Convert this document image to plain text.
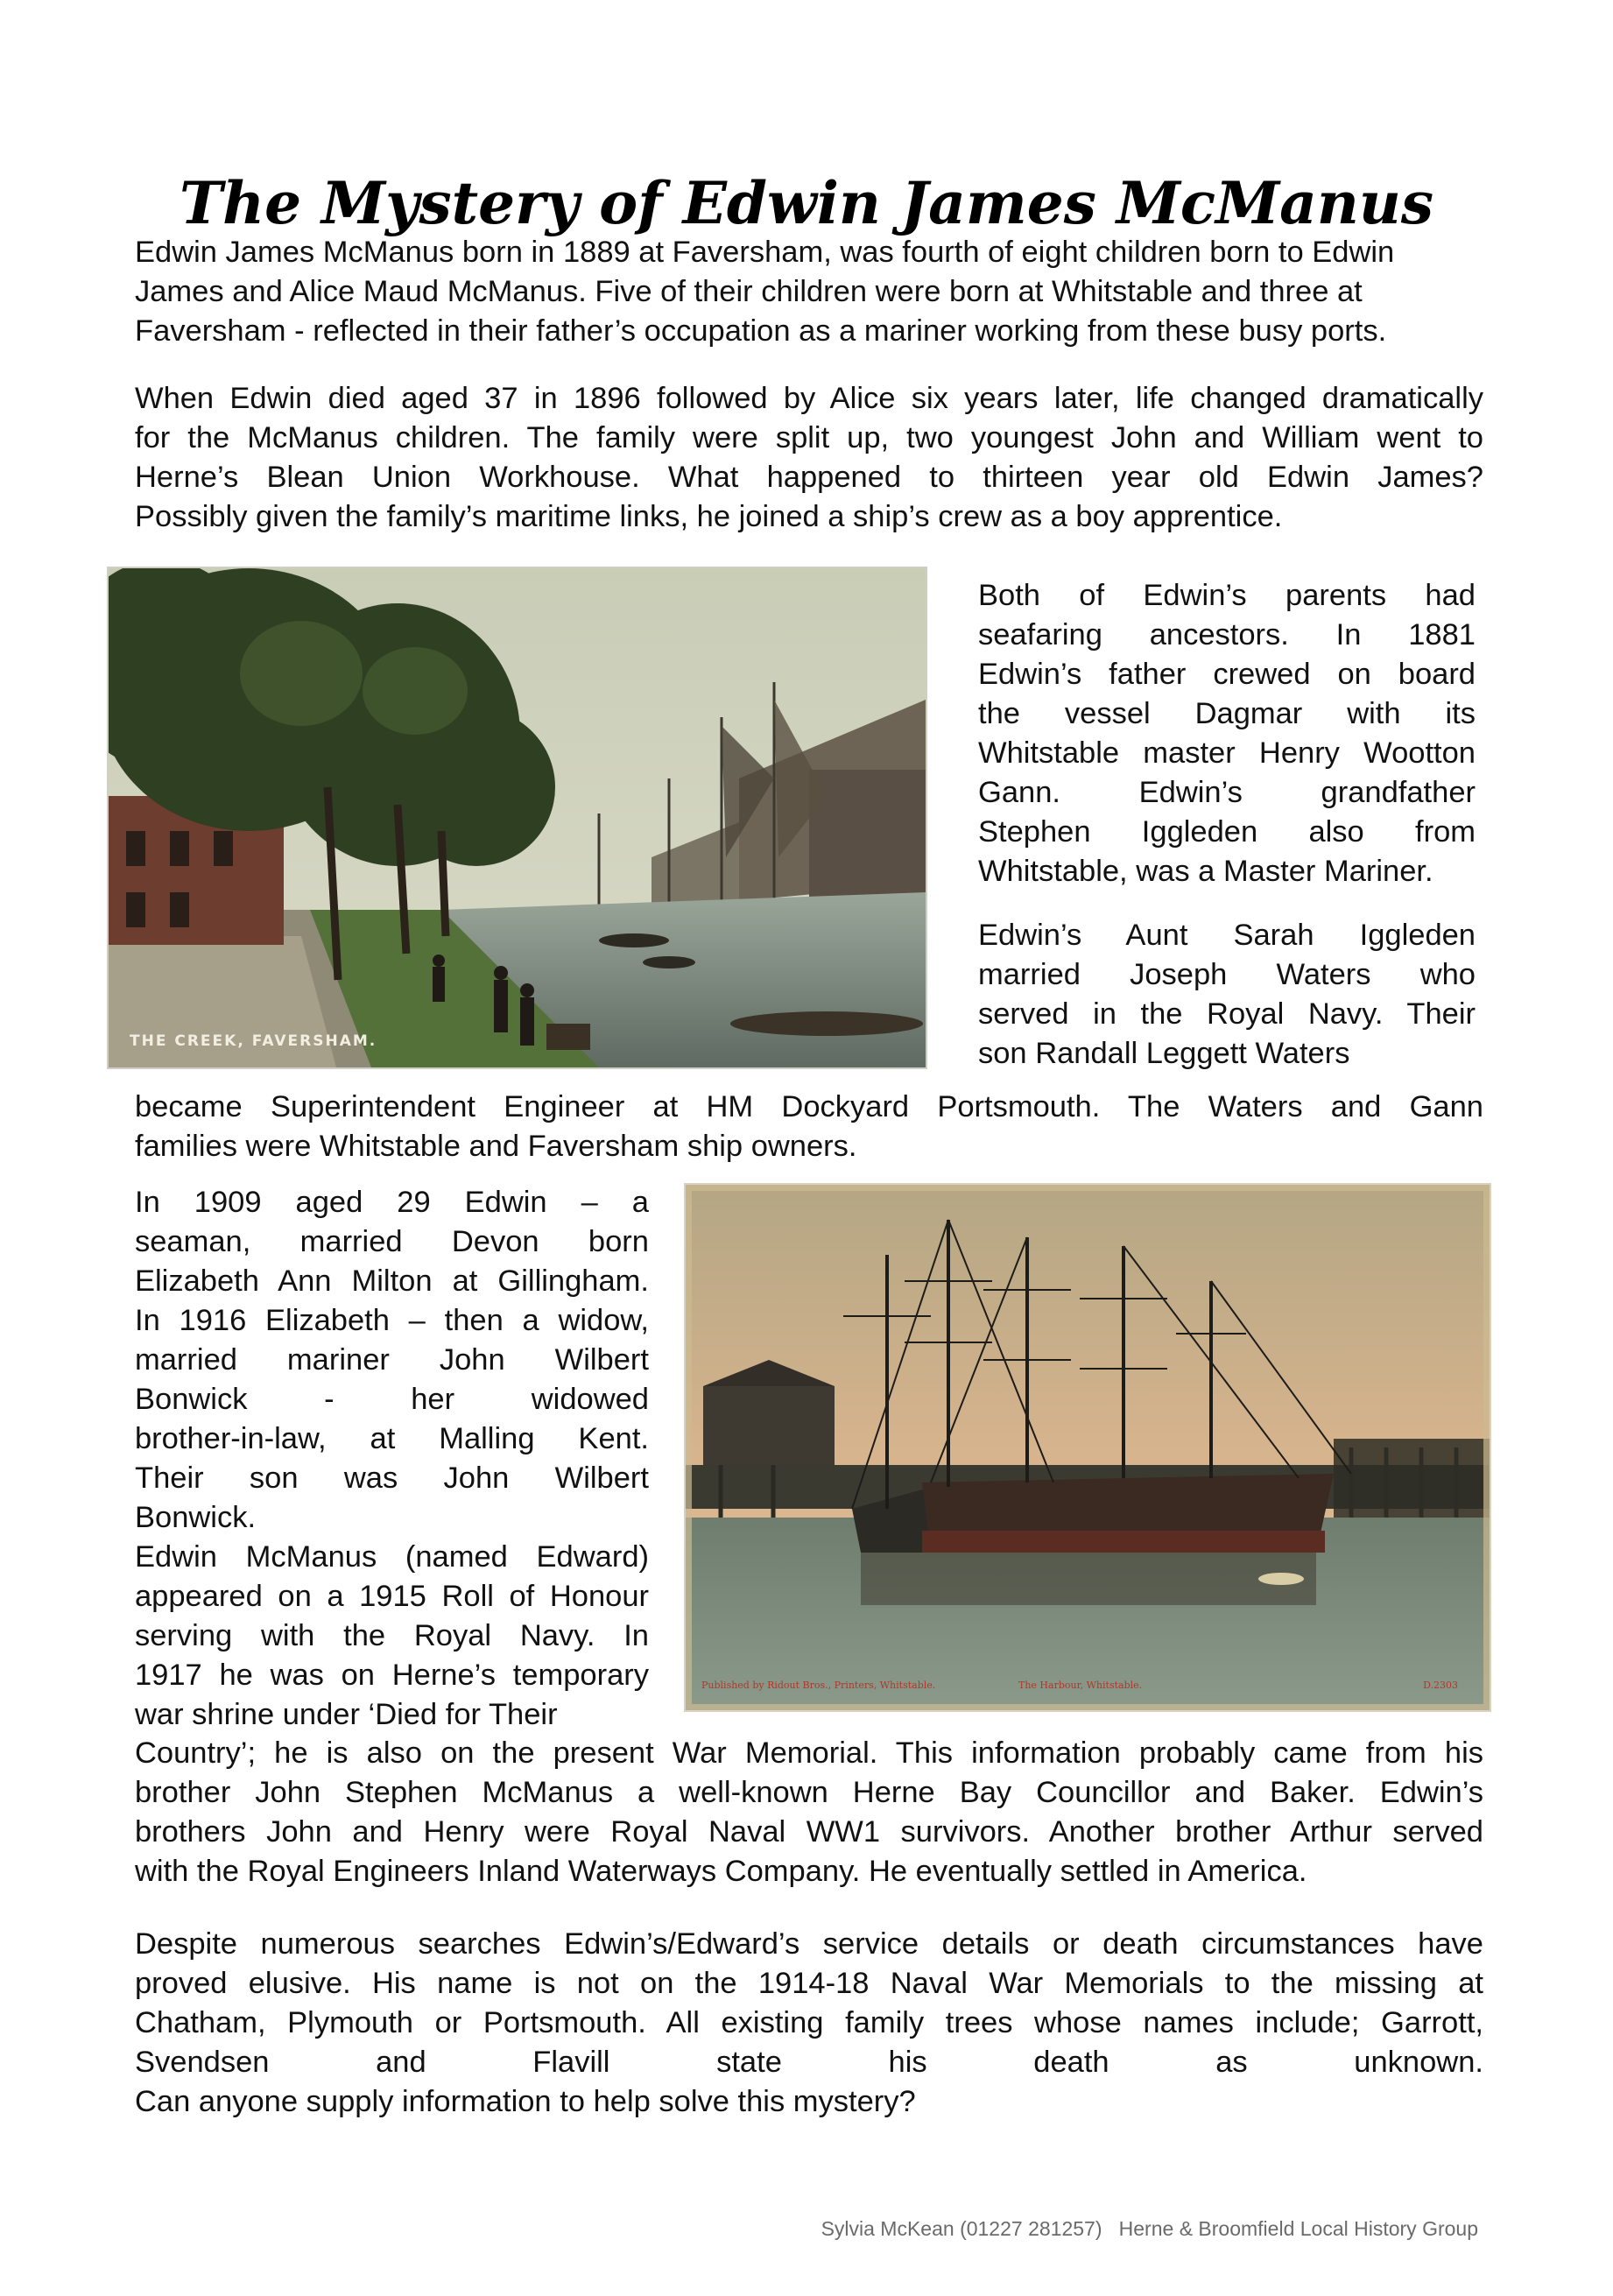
The Mystery of Edwin James McManus
Edwin James McManus born in 1889 at Faversham, was fourth of eight children born to Edwin
James and Alice Maud McManus. Five of their children were born at Whitstable and three at
Faversham - reflected in their father’s occupation as a mariner working from these busy ports.
When Edwin died aged 37 in 1896 followed by Alice six years later, life changed dramatically
for the McManus children. The family were split up, two youngest John and William went to
Herne’s Blean Union Workhouse. What happened to thirteen year old Edwin James?
Possibly given the family’s maritime links, he joined a ship’s crew as a boy apprentice.
THE CREEK, FAVERSHAM.
Both of Edwin’s parents had
seafaring ancestors. In 1881
Edwin’s father crewed on board
the vessel Dagmar with its
Whitstable master Henry Wootton
Gann. Edwin’s grandfather
Stephen Iggleden also from
Whitstable, was a Master Mariner.
Edwin’s Aunt Sarah Iggleden
married Joseph Waters who
served in the Royal Navy. Their
son Randall Leggett Waters
became Superintendent Engineer at HM Dockyard Portsmouth. The Waters and Gann
families were Whitstable and Faversham ship owners.
In 1909 aged 29 Edwin – a
seaman, married Devon born
Elizabeth Ann Milton at Gillingham.
In 1916 Elizabeth – then a widow,
married mariner John Wilbert
Bonwick - her widowed
brother-in-law, at Malling Kent.
Their son was John Wilbert
Bonwick.
Edwin McManus (named Edward)
appeared on a 1915 Roll of Honour
serving with the Royal Navy. In
1917 he was on Herne’s temporary
war shrine under ‘Died for Their
Published by Ridout Bros., Printers, Whitstable.	The Harbour, Whitstable.	D.2303
Country’; he is also on the present War Memorial. This information probably came from his
brother John Stephen McManus a well-known Herne Bay Councillor and Baker. Edwin’s
brothers John and Henry were Royal Naval WW1 survivors. Another brother Arthur served
with the Royal Engineers Inland Waterways Company. He eventually settled in America.
Despite numerous searches Edwin’s/Edward’s service details or death circumstances have
proved elusive. His name is not on the 1914-18 Naval War Memorials to the missing at
Chatham, Plymouth or Portsmouth. All existing family trees whose names include; Garrott,
Svendsen and Flavill state his death as unknown.
Can anyone supply information to help solve this mystery?
Sylvia McKean (01227 281257)   Herne & Broomfield Local History Group
